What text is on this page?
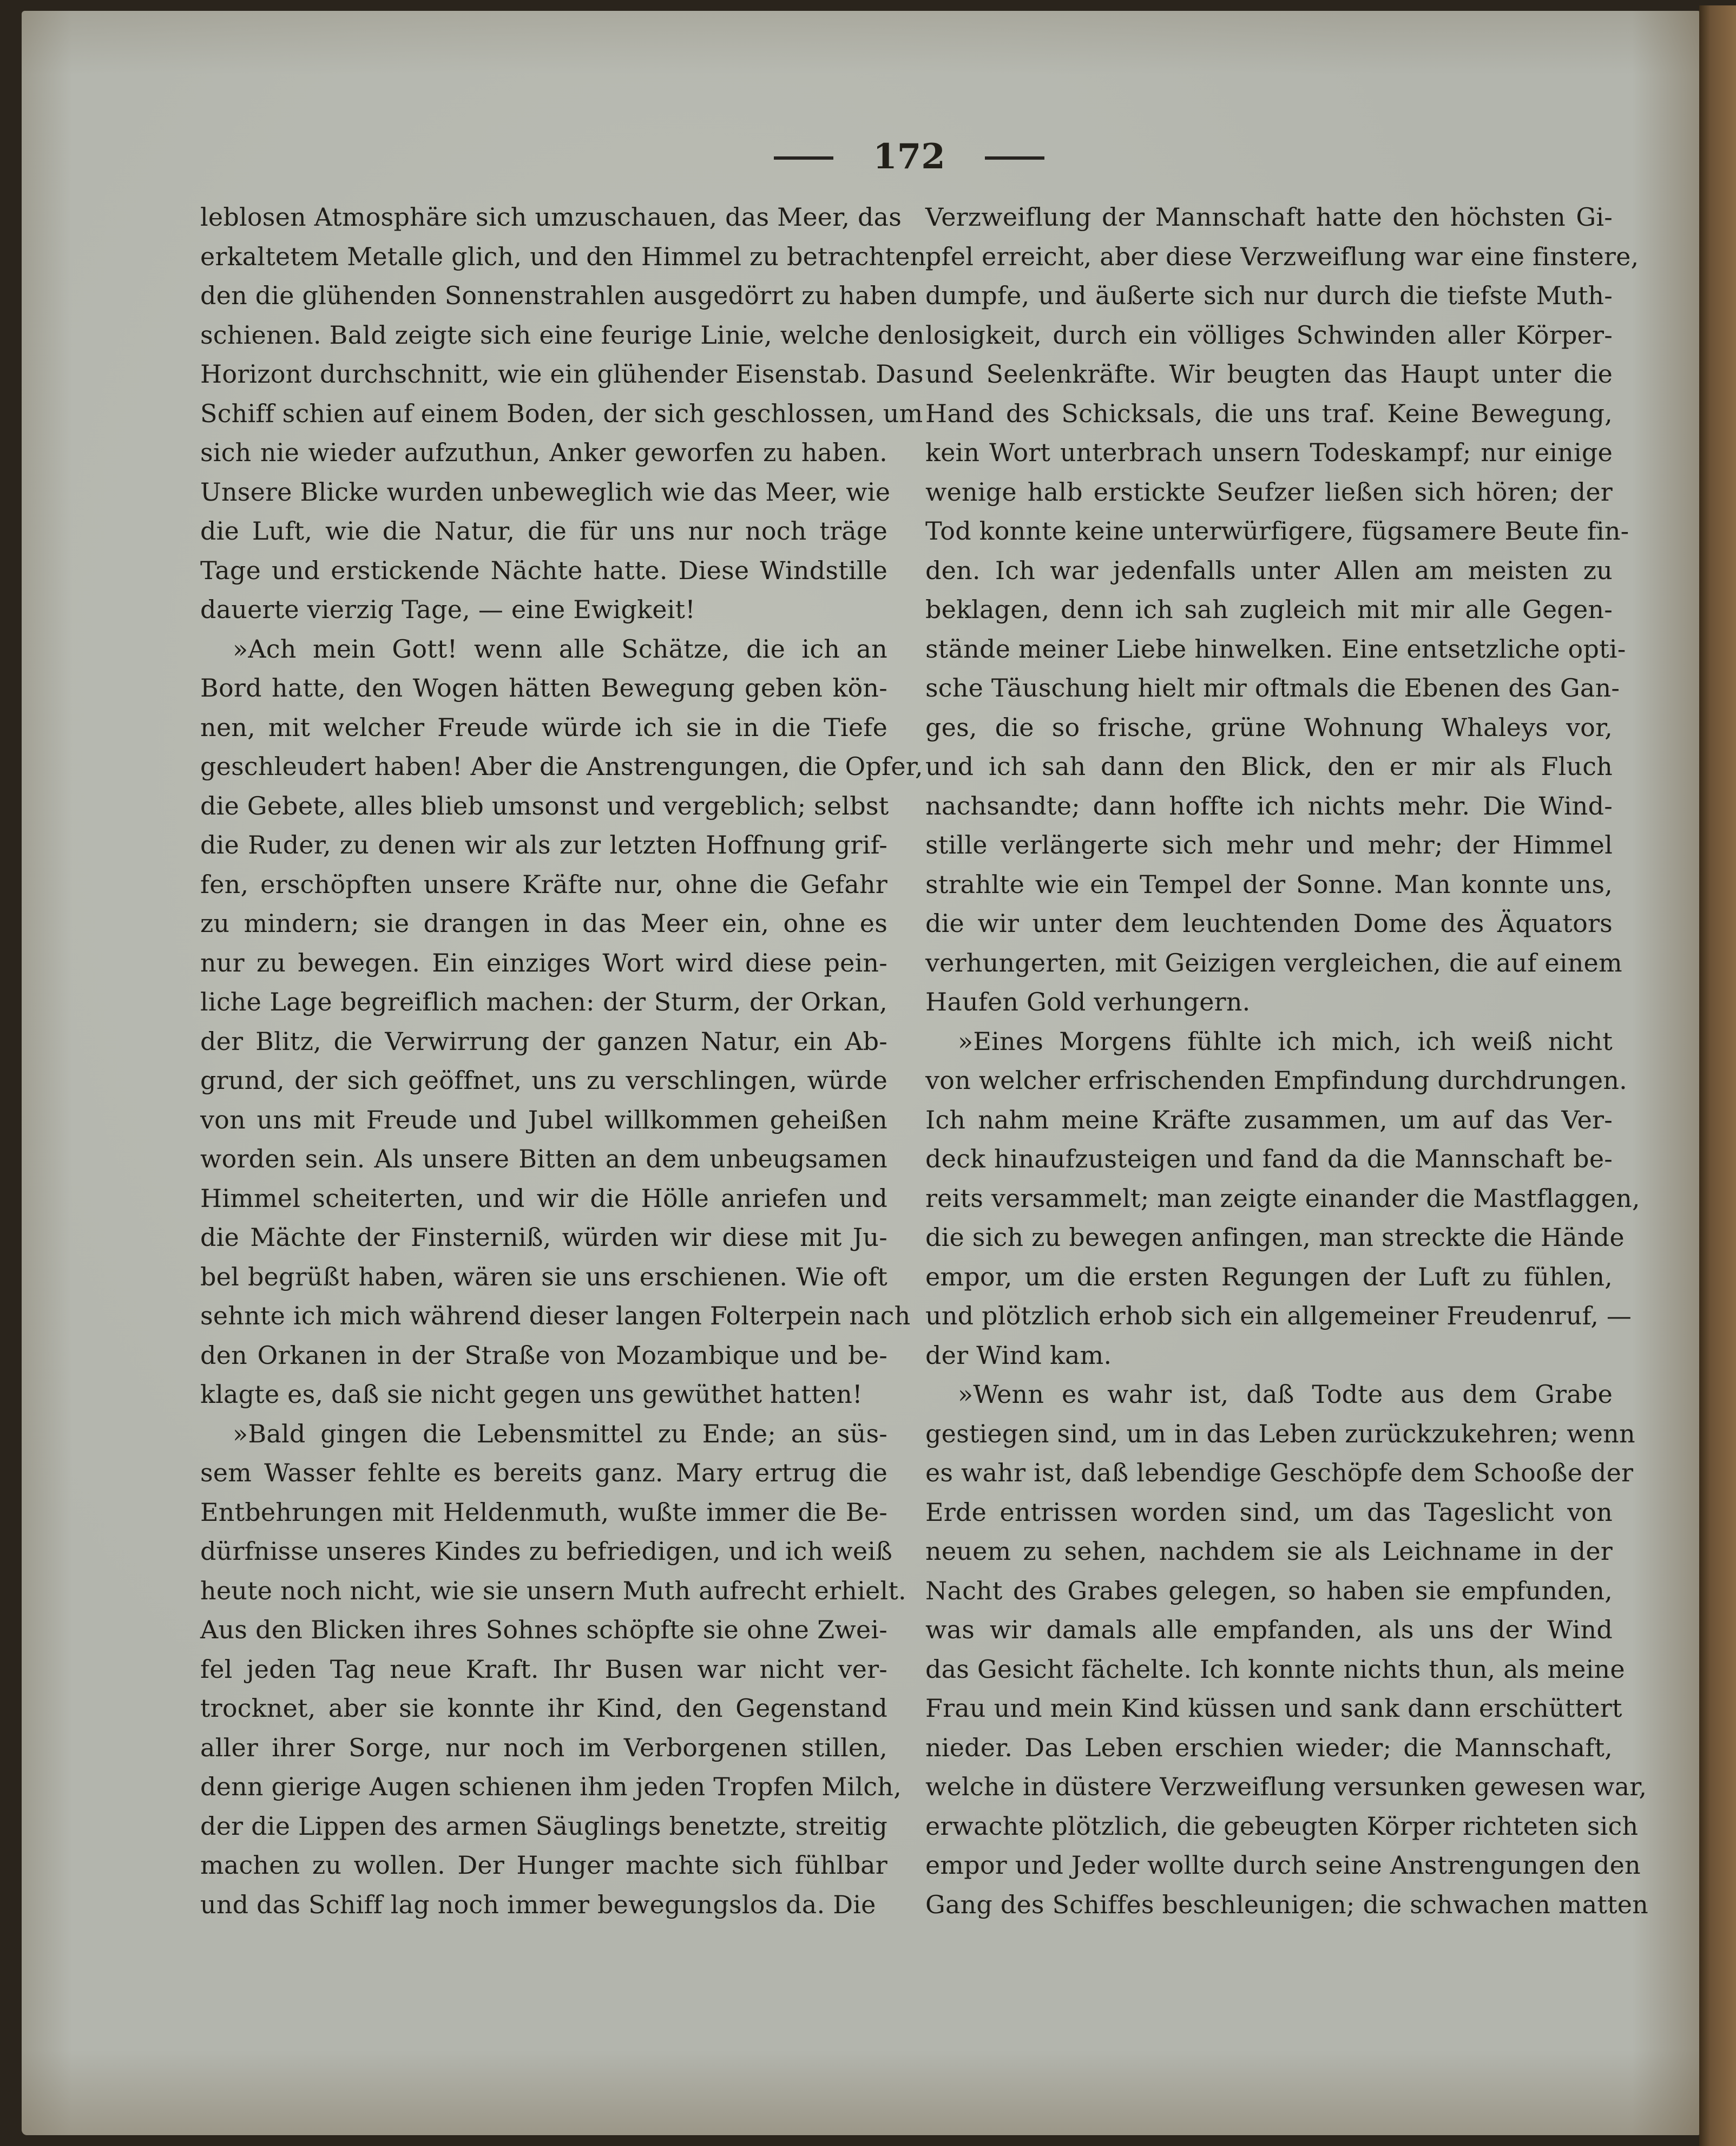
172
leblosen Atmosphäre sich umzuschauen, das Meer, das
erkaltetem Metalle glich, und den Himmel zu betrachten,
den die glühenden Sonnenstrahlen ausgedörrt zu haben
schienen. Bald zeigte sich eine feurige Linie, welche den
Horizont durchschnitt, wie ein glühender Eisenstab. Das
Schiff schien auf einem Boden, der sich geschlossen, um
sich nie wieder aufzuthun, Anker geworfen zu haben.
Unsere Blicke wurden unbeweglich wie das Meer, wie
die Luft, wie die Natur, die für uns nur noch träge
Tage und erstickende Nächte hatte. Diese Windstille
dauerte vierzig Tage, — eine Ewigkeit!
»Ach mein Gott! wenn alle Schätze, die ich an
Bord hatte, den Wogen hätten Bewegung geben kön-
nen, mit welcher Freude würde ich sie in die Tiefe
geschleudert haben! Aber die Anstrengungen, die Opfer,
die Gebete, alles blieb umsonst und vergeblich; selbst
die Ruder, zu denen wir als zur letzten Hoffnung grif-
fen, erschöpften unsere Kräfte nur, ohne die Gefahr
zu mindern; sie drangen in das Meer ein, ohne es
nur zu bewegen. Ein einziges Wort wird diese pein-
liche Lage begreiflich machen: der Sturm, der Orkan,
der Blitz, die Verwirrung der ganzen Natur, ein Ab-
grund, der sich geöffnet, uns zu verschlingen, würde
von uns mit Freude und Jubel willkommen geheißen
worden sein. Als unsere Bitten an dem unbeugsamen
Himmel scheiterten, und wir die Hölle anriefen und
die Mächte der Finsterniß, würden wir diese mit Ju-
bel begrüßt haben, wären sie uns erschienen. Wie oft
sehnte ich mich während dieser langen Folterpein nach
den Orkanen in der Straße von Mozambique und be-
klagte es, daß sie nicht gegen uns gewüthet hatten!
»Bald gingen die Lebensmittel zu Ende; an süs-
sem Wasser fehlte es bereits ganz. Mary ertrug die
Entbehrungen mit Heldenmuth, wußte immer die Be-
dürfnisse unseres Kindes zu befriedigen, und ich weiß
heute noch nicht, wie sie unsern Muth aufrecht erhielt.
Aus den Blicken ihres Sohnes schöpfte sie ohne Zwei-
fel jeden Tag neue Kraft. Ihr Busen war nicht ver-
trocknet, aber sie konnte ihr Kind, den Gegenstand
aller ihrer Sorge, nur noch im Verborgenen stillen,
denn gierige Augen schienen ihm jeden Tropfen Milch,
der die Lippen des armen Säuglings benetzte, streitig
machen zu wollen. Der Hunger machte sich fühlbar
und das Schiff lag noch immer bewegungslos da. Die
Verzweiflung der Mannschaft hatte den höchsten Gi-
pfel erreicht, aber diese Verzweiflung war eine finstere,
dumpfe, und äußerte sich nur durch die tiefste Muth-
losigkeit, durch ein völliges Schwinden aller Körper-
und Seelenkräfte. Wir beugten das Haupt unter die
Hand des Schicksals, die uns traf. Keine Bewegung,
kein Wort unterbrach unsern Todeskampf; nur einige
wenige halb erstickte Seufzer ließen sich hören; der
Tod konnte keine unterwürfigere, fügsamere Beute fin-
den. Ich war jedenfalls unter Allen am meisten zu
beklagen, denn ich sah zugleich mit mir alle Gegen-
stände meiner Liebe hinwelken. Eine entsetzliche opti-
sche Täuschung hielt mir oftmals die Ebenen des Gan-
ges, die so frische, grüne Wohnung Whaleys vor,
und ich sah dann den Blick, den er mir als Fluch
nachsandte; dann hoffte ich nichts mehr. Die Wind-
stille verlängerte sich mehr und mehr; der Himmel
strahlte wie ein Tempel der Sonne. Man konnte uns,
die wir unter dem leuchtenden Dome des Äquators
verhungerten, mit Geizigen vergleichen, die auf einem
Haufen Gold verhungern.
»Eines Morgens fühlte ich mich, ich weiß nicht
von welcher erfrischenden Empfindung durchdrungen.
Ich nahm meine Kräfte zusammen, um auf das Ver-
deck hinaufzusteigen und fand da die Mannschaft be-
reits versammelt; man zeigte einander die Mastflaggen,
die sich zu bewegen anfingen, man streckte die Hände
empor, um die ersten Regungen der Luft zu fühlen,
und plötzlich erhob sich ein allgemeiner Freudenruf, —
der Wind kam.
»Wenn es wahr ist, daß Todte aus dem Grabe
gestiegen sind, um in das Leben zurückzukehren; wenn
es wahr ist, daß lebendige Geschöpfe dem Schooße der
Erde entrissen worden sind, um das Tageslicht von
neuem zu sehen, nachdem sie als Leichname in der
Nacht des Grabes gelegen, so haben sie empfunden,
was wir damals alle empfanden, als uns der Wind
das Gesicht fächelte. Ich konnte nichts thun, als meine
Frau und mein Kind küssen und sank dann erschüttert
nieder. Das Leben erschien wieder; die Mannschaft,
welche in düstere Verzweiflung versunken gewesen war,
erwachte plötzlich, die gebeugten Körper richteten sich
empor und Jeder wollte durch seine Anstrengungen den
Gang des Schiffes beschleunigen; die schwachen matten
